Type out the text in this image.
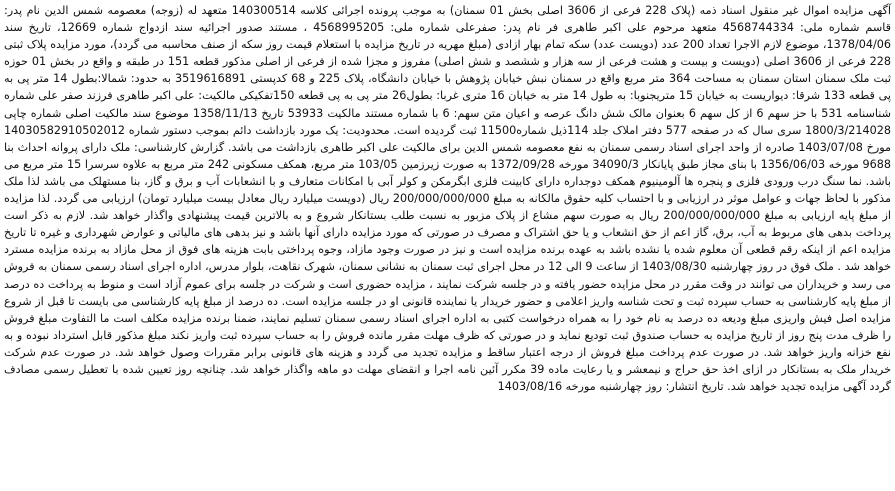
آگهی مزایده اموال غیر منقول اسناد ذمه (پلاک 228 فرعی از 3606 اصلی بخش 01 سمنان) به موجب پرونده اجرائی کلاسه 140300514 متعهد له (زوجه) معصومه شمس الدین نام پدر: قاسم شماره ملی: 4568744334 متعهد مرحوم علی اکبر طاهری فر نام پدر: صفرعلی شماره ملی: 4568995205 ، مستند صدور اجرائیه سند ازدواج شماره 12669، تاریخ سند 1378/04/06، موضوع لازم الاجرا تعداد 200 عدد (دویست عدد) سکه تمام بهار ازادی (مبلغ مهریه در تاریخ مزایده با استعلام قیمت روز سکه از صنف محاسبه می گردد)، مورد مزایده پلاک ثبتی 228 فرعی از 3606 اصلی (دویست و بیست و هشت فرعی از سه هزار و ششصد و شش اصلی) مفروز و مجزا شده از فرعی از اصلی مذکور قطعه 151 در طبقه و واقع در بخش 01 حوزه ثبت ملک سمنان استان سمنان به مساحت 364 متر مربع واقع در سمنان نبش خیابان پژوهش با خیابان دانشگاه، پلاک 225 و 68 کدپستی 3519616891 به حدود: شمالا:بطول 14 متر پی به پی قطعه 133 شرقا: دیواریست به خیابان 15 متریجنوبا: به طول 14 متر به خیابان 16 متری غربا: بطول26 متر پی به پی قطعه 150تفکیکی مالکیت: علی اکبر طاهری فرزند صفر علی شماره شناسنامه 531 با حز سهم 6 از کل سهم 6 بعنوان مالک شش دانگ عرصه و اعیان متن سهم: 6 با شماره مستند مالکیت 53933 تاریخ 1358/11/13 موضوع سند مالکیت اصلی شماره چاپی 1800/3/214028 سری سال که در صفحه 577 دفتر املاک جلد 114ذیل شماره11500 ثبت گردیده است. محدودیت: یک مورد بازداشت دائم بموجب دستور شماره 14030582910502012 مورخ 1403/07/08 صادره از واحد اجرای اسناد رسمی سمنان به نفع معصومه شمس الدین برای مالکیت علی اکبر طاهری بازداشت می باشد. گزارش کارشناسی: ملک دارای پروانه احداث بنا 9688 مورخه 1356/06/03 با بنای مجاز طبق پایانکار 34090/3 مورخه 1372/09/28 به صورت زیرزمین 103/05 متر مربع، همکف مسکونی 242 متر مربع به علاوه سرسرا 15 متر مربع می باشد. نما سنگ درب ورودی فلزی و پنجره ها آلومینیوم همکف دوجداره دارای کابینت فلزی ابگرمکن و کولر آبی با امکانات متعارف و با انشعابات آب و برق و گاز، بنا مستهلک می باشد لذا ملک مذکور با لحاظ جهات و عوامل موثر در ارزیابی و با احتساب کلیه حقوق مالکانه به مبلغ 200/000/000/000 ریال (دویست میلیارد ریال معادل بیست میلیارد تومان) ارزیابی می گردد. لذا مزایده از مبلغ پایه ارزیابی به مبلغ 200/000/000/000 ریال به صورت سهم مشاع از پلاک مزبور به نسبت طلب بستانکار شروع و به بالاترین قیمت پیشنهادی واگذار خواهد شد. لازم به ذکر است پرداخت بدهی های مربوط به آب، برق، گاز اعم از حق انشعاب و یا حق اشتراک و مصرف در صورتی که مورد مزایده دارای آنها باشد و نیز بدهی های مالیاتی و عوارض شهرداری و غیره تا تاریخ مزایده اعم از اینکه رقم قطعی آن معلوم شده یا نشده باشد به عهده برنده مزایده است و نیز در صورت وجود مازاد، وجوه پرداختی بابت هزینه های فوق از محل مازاد به برنده مزایده مسترد خواهد شد . ملک فوق در روز چهارشنبه 1403/08/30 از ساعت 9 الی 12 در محل اجرای ثبت سمنان به نشانی سمنان، شهرک نقاهت، بلوار مدرس، اداره اجرای اسناد رسمی سمنان به فروش می رسد و خریداران می توانند در وقت مقرر در محل مزایده حضور یافته و در جلسه شرکت نمایند ، مزایده حضوری است و شرکت در جلسه برای عموم آزاد است و منوط به پرداخت ده درصد از مبلغ پایه کارشناسی به حساب سپرده ثبت و تحت شناسه واریز اعلامی و حضور خریدار یا نماینده قانونی او در جلسه مزایده است. ده درصد از مبلغ پایه کارشناسی می بایست تا قبل از شروع مزایده اصل فیش واریزی مبلغ ودیعه ده درصد به نام خود را به همراه درخواست کتبی به اداره اجرای اسناد رسمی سمنان تسلیم نمایند، ضمنا برنده مزایده مکلف است ما التفاوت مبلغ فروش را ظرف مدت پنج روز از تاریخ مزایده به حساب صندوق ثبت تودیع نماید و در صورتی که ظرف مهلت مقرر مانده فروش را به حساب سپرده ثبت واریز نکند مبلغ مذکور قابل استرداد نبوده و به نفع خزانه واریز خواهد شد. در صورت عدم پرداخت مبلغ فروش از درجه اعتبار ساقط و مزایده تجدید می گردد و هزینه های قانونی برابر مقررات وصول خواهد شد. در صورت عدم شرکت خریدار ملک به بستانکار در ازای اخذ حق حراج و نیمعشر و یا رعایت ماده 39 مکرر آئین نامه اجرا و انقضای مهلت دو ماهه واگذار خواهد شد. چنانچه روز تعیین شده با تعطیل رسمی مصادف گردد آگهی مزایده تجدید خواهد شد. تاریخ انتشار: روز چهارشنبه مورخه 1403/08/16
